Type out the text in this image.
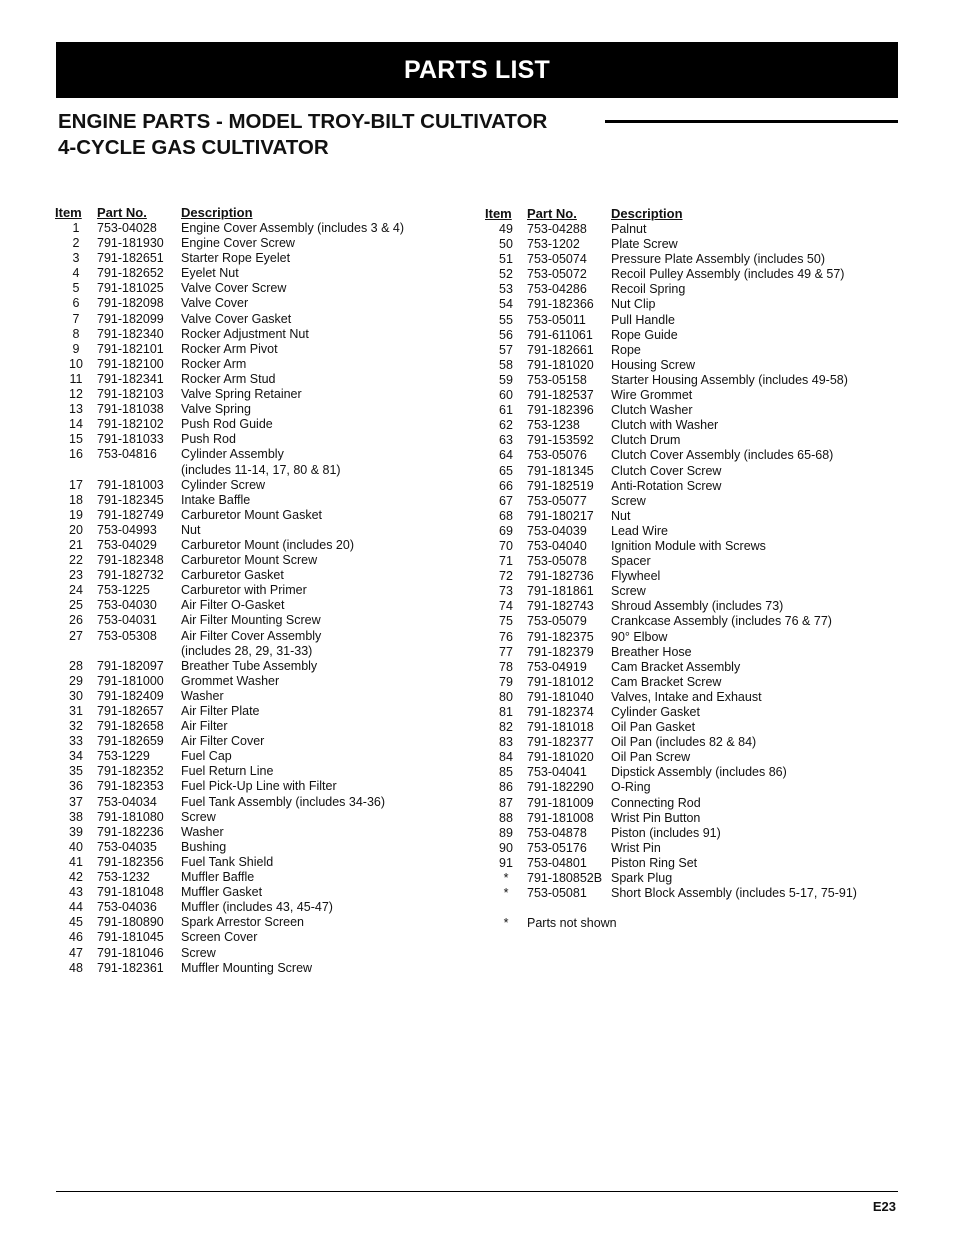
PARTS LIST
ENGINE PARTS - MODEL TROY-BILT CULTIVATOR
4-CYCLE GAS CULTIVATOR
Item	Part No.	Description
1	753-04028	Engine Cover Assembly (includes 3 & 4)
2	791-181930	Engine Cover Screw
3	791-182651	Starter Rope Eyelet
4	791-182652	Eyelet Nut
5	791-181025	Valve Cover Screw
6	791-182098	Valve Cover
7	791-182099	Valve Cover Gasket
8	791-182340	Rocker Adjustment Nut
9	791-182101	Rocker Arm Pivot
10	791-182100	Rocker Arm
11	791-182341	Rocker Arm Stud
12	791-182103	Valve Spring Retainer
13	791-181038	Valve Spring
14	791-182102	Push Rod Guide
15	791-181033	Push Rod
16	753-04816	Cylinder Assembly
(includes 11-14, 17, 80 & 81)
17	791-181003	Cylinder Screw
18	791-182345	Intake Baffle
19	791-182749	Carburetor Mount Gasket
20	753-04993	Nut
21	753-04029	Carburetor Mount (includes 20)
22	791-182348	Carburetor Mount Screw
23	791-182732	Carburetor Gasket
24	753-1225	Carburetor with Primer
25	753-04030	Air Filter O-Gasket
26	753-04031	Air Filter Mounting Screw
27	753-05308	Air Filter Cover Assembly
(includes 28, 29, 31-33)
28	791-182097	Breather Tube Assembly
29	791-181000	Grommet Washer
30	791-182409	Washer
31	791-182657	Air Filter Plate
32	791-182658	Air Filter
33	791-182659	Air Filter Cover
34	753-1229	Fuel Cap
35	791-182352	Fuel Return Line
36	791-182353	Fuel Pick-Up Line with Filter
37	753-04034	Fuel Tank Assembly (includes 34-36)
38	791-181080	Screw
39	791-182236	Washer
40	753-04035	Bushing
41	791-182356	Fuel Tank Shield
42	753-1232	Muffler Baffle
43	791-181048	Muffler Gasket
44	753-04036	Muffler (includes 43, 45-47)
45	791-180890	Spark Arrestor Screen
46	791-181045	Screen Cover
47	791-181046	Screw
48	791-182361	Muffler Mounting Screw
Item	Part No.	Description
49	753-04288	Palnut
50	753-1202	Plate Screw
51	753-05074	Pressure Plate Assembly (includes 50)
52	753-05072	Recoil Pulley Assembly (includes 49 & 57)
53	753-04286	Recoil Spring
54	791-182366	Nut Clip
55	753-05011	Pull Handle
56	791-611061	Rope Guide
57	791-182661	Rope
58	791-181020	Housing Screw
59	753-05158	Starter Housing Assembly (includes 49-58)
60	791-182537	Wire Grommet
61	791-182396	Clutch Washer
62	753-1238	Clutch with Washer
63	791-153592	Clutch Drum
64	753-05076	Clutch Cover Assembly (includes 65-68)
65	791-181345	Clutch Cover Screw
66	791-182519	Anti-Rotation Screw
67	753-05077	Screw
68	791-180217	Nut
69	753-04039	Lead Wire
70	753-04040	Ignition Module with Screws
71	753-05078	Spacer
72	791-182736	Flywheel
73	791-181861	Screw
74	791-182743	Shroud Assembly (includes 73)
75	753-05079	Crankcase Assembly (includes 76 & 77)
76	791-182375	90° Elbow
77	791-182379	Breather Hose
78	753-04919	Cam Bracket Assembly
79	791-181012	Cam Bracket Screw
80	791-181040	Valves, Intake and Exhaust
81	791-182374	Cylinder Gasket
82	791-181018	Oil Pan Gasket
83	791-182377	Oil Pan (includes 82 & 84)
84	791-181020	Oil Pan Screw
85	753-04041	Dipstick Assembly (includes 86)
86	791-182290	O-Ring
87	791-181009	Connecting Rod
88	791-181008	Wrist Pin Button
89	753-04878	Piston (includes 91)
90	753-05176	Wrist Pin
91	753-04801	Piston Ring Set
*	791-180852B Spark Plug
*	753-05081	Short Block Assembly (includes 5-17, 75-91)
*	Parts not shown
E23
